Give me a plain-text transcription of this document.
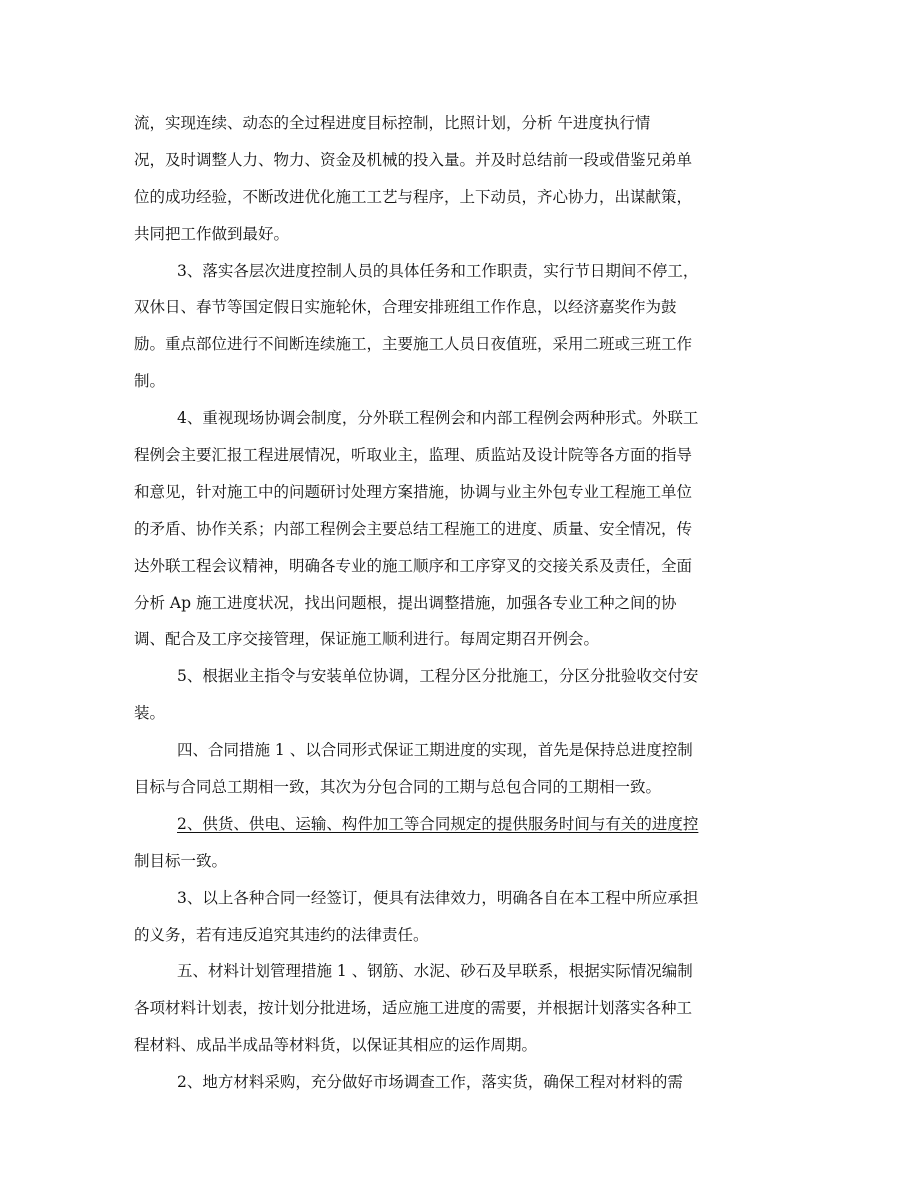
流，实现连续、动态的全过程进度目标控制，比照计划，分析 午进度执行情
况，及时调整人力、物力、资金及机械的投入量。并及时总结前一段或借鉴兄弟单
位的成功经验，不断改进优化施工工艺与程序，上下动员，齐心协力，出谋献策，
共同把工作做到最好。
3、落实各层次进度控制人员的具体任务和工作职责，实行节日期间不停工，
双休日、春节等国定假日实施轮休，合理安排班组工作作息，以经济嘉奖作为鼓
励。重点部位进行不间断连续施工，主要施工人员日夜值班，采用二班或三班工作
制。
4、重视现场协调会制度，分外联工程例会和内部工程例会两种形式。外联工
程例会主要汇报工程进展情况，听取业主，监理、质监站及设计院等各方面的指导
和意见，针对施工中的问题研讨处理方案措施，协调与业主外包专业工程施工单位
的矛盾、协作关系；内部工程例会主要总结工程施工的进度、质量、安全情况，传
达外联工程会议精神，明确各专业的施工顺序和工序穿叉的交接关系及责任，全面
分析 Ap 施工进度状况，找出问题根，提出调整措施，加强各专业工种之间的协
调、配合及工序交接管理，保证施工顺利进行。每周定期召开例会。
5、根据业主指令与安装单位协调，工程分区分批施工，分区分批验收交付安
装。
四、合同措施 1 、以合同形式保证工期进度的实现，首先是保持总进度控制
目标与合同总工期相一致，其次为分包合同的工期与总包合同的工期相一致。
2、供货、供电、运输、构件加工等合同规定的提供服务时间与有关的进度控
制目标一致。
3、以上各种合同一经签订，便具有法律效力，明确各自在本工程中所应承担
的义务，若有违反追究其违约的法律责任。
五、材料计划管理措施 1 、钢筋、水泥、砂石及早联系，根据实际情况编制
各项材料计划表，按计划分批进场，适应施工进度的需要，并根据计划落实各种工
程材料、成品半成品等材料货，以保证其相应的运作周期。
2、地方材料采购，充分做好市场调查工作，落实货，确保工程对材料的需
